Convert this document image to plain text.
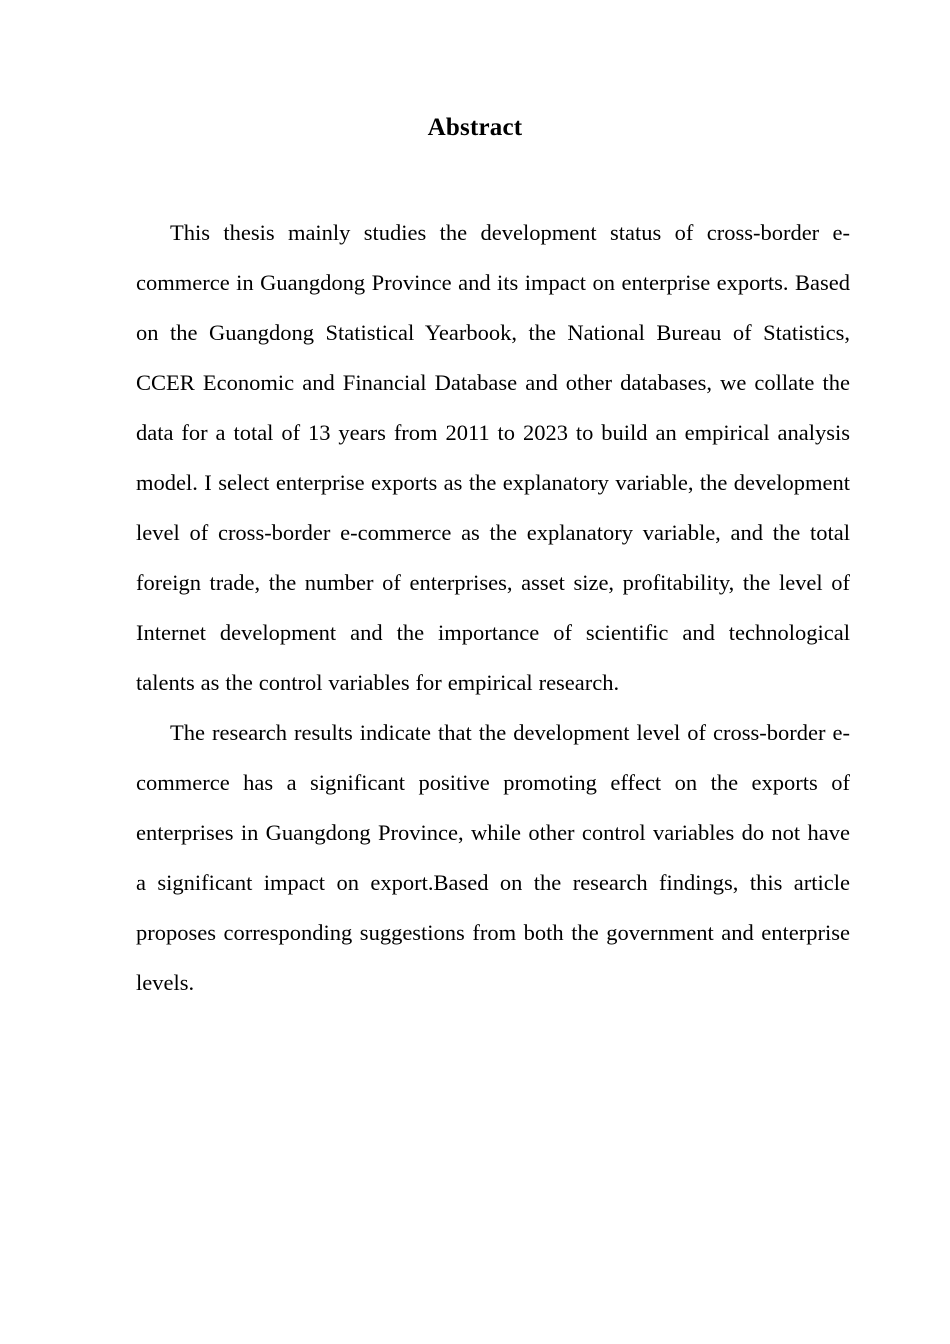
Abstract

This thesis mainly studies the development status of cross-border e-commerce in Guangdong Province and its impact on enterprise exports. Based on the Guangdong Statistical Yearbook, the National Bureau of Statistics, CCER Economic and Financial Database and other databases, we collate the data for a total of 13 years from 2011 to 2023 to build an empirical analysis model. I select enterprise exports as the explanatory variable, the development level of cross-border e-commerce as the explanatory variable, and the total foreign trade, the number of enterprises, asset size, profitability, the level of Internet development and the importance of scientific and technological talents as the control variables for empirical research.

The research results indicate that the development level of cross-border e-commerce has a significant positive promoting effect on the exports of enterprises in Guangdong Province, while other control variables do not have a significant impact on export.Based on the research findings, this article proposes corresponding suggestions from both the government and enterprise levels.
